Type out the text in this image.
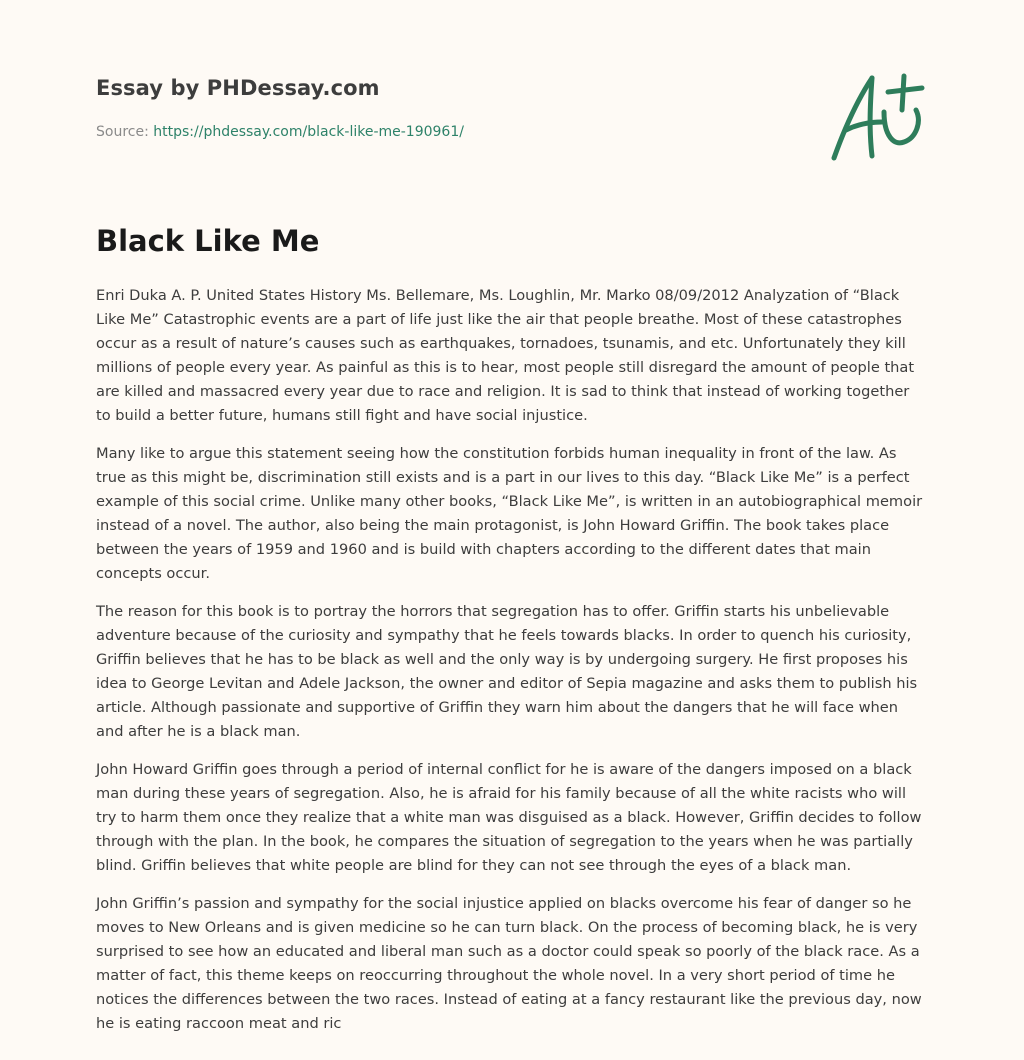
Essay by PHDessay.com
Source: https://phdessay.com/black-like-me-190961/
Black Like Me

Enri Duka A. P. United States History Ms. Bellemare, Ms. Loughlin, Mr. Marko 08/09/2012 Analyzation of “Black Like Me” Catastrophic events are a part of life just like the air that people breathe. Most of these catastrophes occur as a result of nature’s causes such as earthquakes, tornadoes, tsunamis, and etc. Unfortunately they kill millions of people every year. As painful as this is to hear, most people still disregard the amount of people that are killed and massacred every year due to race and religion. It is sad to think that instead of working together to build a better future, humans still fight and have social injustice.

Many like to argue this statement seeing how the constitution forbids human inequality in front of the law. As true as this might be, discrimination still exists and is a part in our lives to this day. “Black Like Me” is a perfect example of this social crime. Unlike many other books, “Black Like Me”, is written in an autobiographical memoir instead of a novel. The author, also being the main protagonist, is John Howard Griffin. The book takes place between the years of 1959 and 1960 and is build with chapters according to the different dates that main concepts occur.

The reason for this book is to portray the horrors that segregation has to offer. Griffin starts his unbelievable adventure because of the curiosity and sympathy that he feels towards blacks. In order to quench his curiosity, Griffin believes that he has to be black as well and the only way is by undergoing surgery. He first proposes his idea to George Levitan and Adele Jackson, the owner and editor of Sepia magazine and asks them to publish his article. Although passionate and supportive of Griffin they warn him about the dangers that he will face when and after he is a black man.

John Howard Griffin goes through a period of internal conflict for he is aware of the dangers imposed on a black man during these years of segregation. Also, he is afraid for his family because of all the white racists who will try to harm them once they realize that a white man was disguised as a black. However, Griffin decides to follow through with the plan. In the book, he compares the situation of segregation to the years when he was partially blind. Griffin believes that white people are blind for they can not see through the eyes of a black man.

John Griffin’s passion and sympathy for the social injustice applied on blacks overcome his fear of danger so he moves to New Orleans and is given medicine so he can turn black. On the process of becoming black, he is very surprised to see how an educated and liberal man such as a doctor could speak so poorly of the black race. As a matter of fact, this theme keeps on reoccurring throughout the whole novel. In a very short period of time he notices the differences between the two races. Instead of eating at a fancy restaurant like the previous day, now he is eating raccoon meat and ric
